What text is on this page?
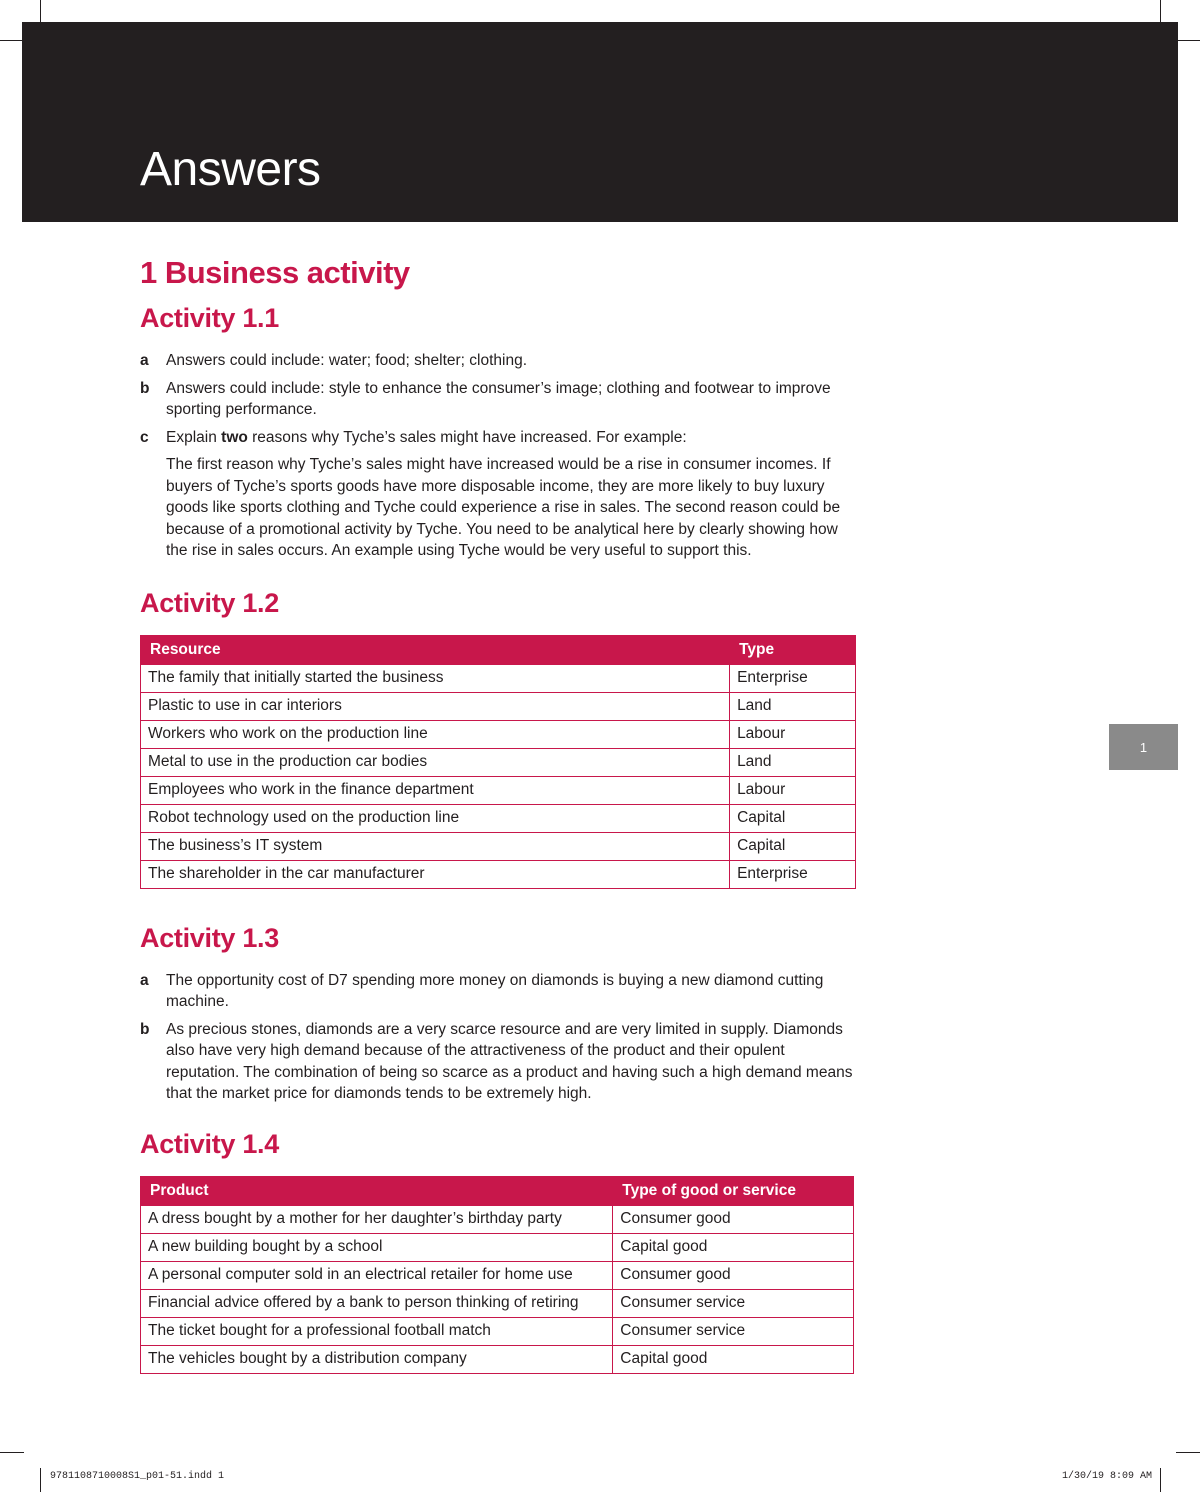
Answers
1
1 Business activity
Activity 1.1
a Answers could include: water; food; shelter; clothing.

b Answers could include: style to enhance the consumer’s image; clothing and footwear to improve sporting performance.

c Explain two reasons why Tyche’s sales might have increased. For example:

The first reason why Tyche’s sales might have increased would be a rise in consumer incomes. If buyers of Tyche’s sports goods have more disposable income, they are more likely to buy luxury goods like sports clothing and Tyche could experience a rise in sales. The second reason could be because of a promotional activity by Tyche. You need to be analytical here by clearly showing how the rise in sales occurs. An example using Tyche would be very useful to support this.

Activity 1.2
Resource	Type
The family that initially started the business	Enterprise
Plastic to use in car interiors	Land
Workers who work on the production line	Labour
Metal to use in the production car bodies	Land
Employees who work in the finance department	Labour
Robot technology used on the production line	Capital
The business’s IT system	Capital
The shareholder in the car manufacturer	Enterprise
Activity 1.3
a The opportunity cost of D7 spending more money on diamonds is buying a new diamond cutting machine.

b As precious stones, diamonds are a very scarce resource and are very limited in supply. Diamonds also have very high demand because of the attractiveness of the product and their opulent reputation. The combination of being so scarce as a product and having such a high demand means that the market price for diamonds tends to be extremely high.

Activity 1.4
Product	Type of good or service
A dress bought by a mother for her daughter’s birthday party	Consumer good
A new building bought by a school	Capital good
A personal computer sold in an electrical retailer for home use	Consumer good
Financial advice offered by a bank to person thinking of retiring	Consumer service
The ticket bought for a professional football match	Consumer service
The vehicles bought by a distribution company	Capital good
9781108710008S1_p01-51.indd 1	1/30/19 8:09 AM
